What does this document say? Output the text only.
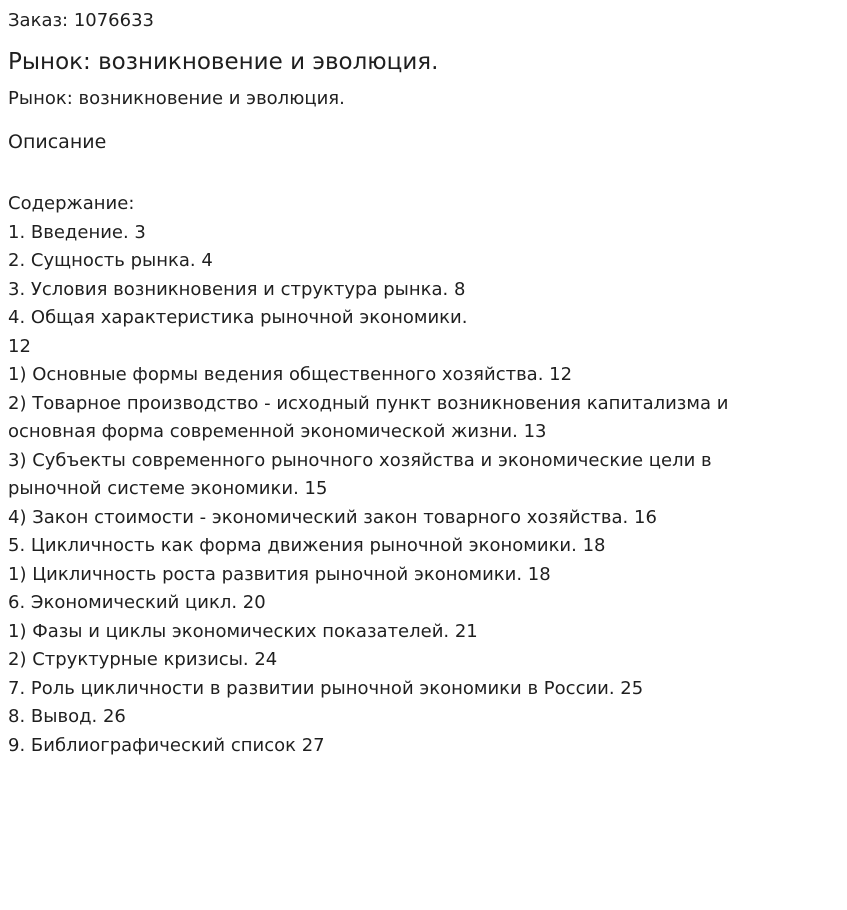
Заказ: 1076633
Рынок: возникновение и эволюция.
Рынок: возникновение и эволюция.
Описание
Содержание:
1. Введение. 3
2. Сущность рынка. 4
3. Условия возникновения и структура рынка. 8
4. Общая характеристика рыночной экономики.
12
1) Основные формы ведения общественного хозяйства. 12
2) Товарное производство - исходный пункт возникновения капитализма и
основная форма современной экономической жизни. 13
3) Субъекты современного рыночного хозяйства и экономические цели в
рыночной системе экономики. 15
4) Закон стоимости - экономический закон товарного хозяйства. 16
5. Цикличность как форма движения рыночной экономики. 18
1) Цикличность роста развития рыночной экономики. 18
6. Экономический цикл. 20
1) Фазы и циклы экономических показателей. 21
2) Структурные кризисы. 24
7. Роль цикличности в развитии рыночной экономики в России. 25
8. Вывод. 26
9. Библиографический список 27
